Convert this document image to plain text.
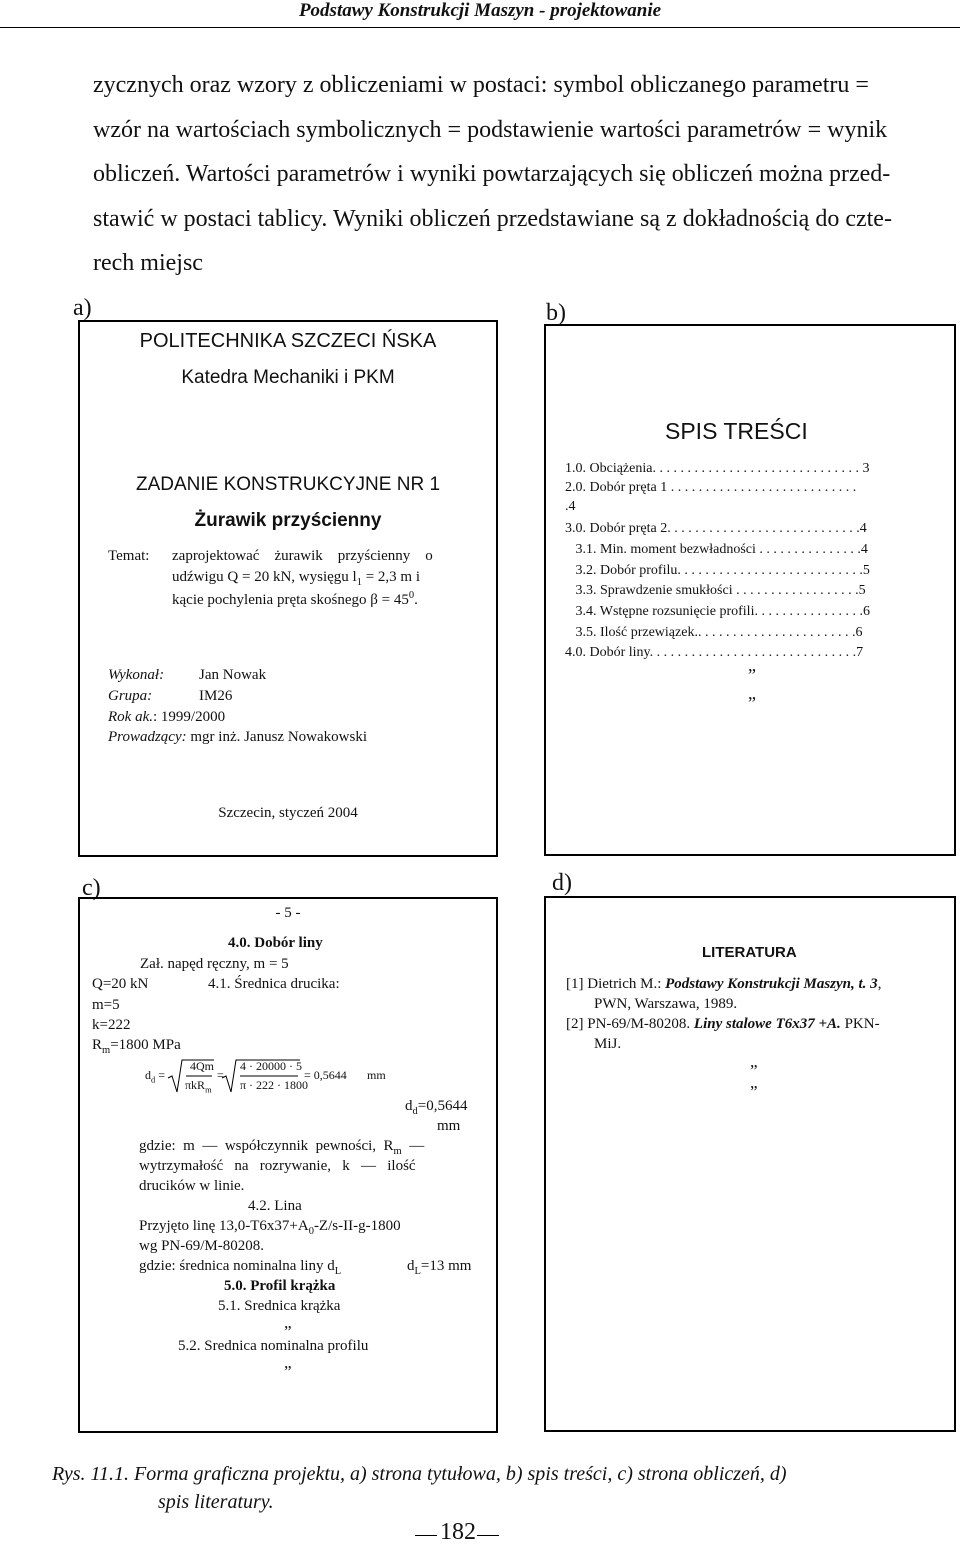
Podstawy Konstrukcji Maszyn - projektowanie
zycznych oraz wzory z obliczeniami w postaci: symbol obliczanego parametru =
wzór na wartościach symbolicznych = podstawienie wartości parametrów = wynik
obliczeń. Wartości parametrów i wyniki powtarzających się obliczeń można przed-
stawić w postaci tablicy. Wyniki obliczeń przedstawiane są z dokładnością do czte-
rech miejsc
a)
POLITECHNIKA SZCZECI ŃSKA
Katedra Mechaniki i PKM
ZADANIE KONSTRUKCYJNE NR 1
Żurawik przyścienny
Temat: zaprojektować    żurawik    przyścienny    o
udźwigu Q = 20 kN, wysięgu $l_1 = 2,3$ m i
kącie pochylenia pręta skośnego $\beta = 45^0$.
Wykonał: Jan Nowak
Grupa:	IM26
Rok ak.: 1999/2000
Prowadzący: mgr inż. Janusz Nowakowski
Szczecin, styczeń 2004
b)
SPIS TREŚCI
1.0. Obciążenia. . . . . . . . . . . . . . . . . . . . . . . . . . . . . . 3
2.0. Dobór pręta 1 . . . . . . . . . . . . . . . . . . . . . . . . . . .
.4
3.0. Dobór pręta 2. . . . . . . . . . . . . . . . . . . . . . . . . . . .4
3.1. Min. moment bezwładności . . . . . . . . . . . . . . .4
3.2. Dobór profilu. . . . . . . . . . . . . . . . . . . . . . . . . . .5
3.3. Sprawdzenie smukłości . . . . . . . . . . . . . . . . . .5
3.4. Wstępne rozsunięcie profili. . . . . . . . . . . . . . . .6
3.5. Ilość przewiązek.. . . . . . . . . . . . . . . . . . . . . . .6
4.0. Dobór liny. . . . . . . . . . . . . . . . . . . . . . . . . . . . . .7
„
„
c)
- 5 -
4.0. Dobór liny
Zał. napęd ręczny, m = 5
Q=20 kN	4.1. Średnica drucika:
m=5
k=222
$R_m=1800$ MPa
$d_d$ =
4Qm
πkR$_m$
=
4 · 20000 · 5
π · 222 · 1800
= 0,5644 mm
$d_d=0,5644$
mm
gdzie:  m  —  współczynnik  pewności,  $R_m$  —
wytrzymałość   na   rozrywanie,   k   —   ilość
drucików w linie.
4.2. Lina
Przyjęto linę $13,0-T6x37+A_0-Z/s-II-g-1800$
wg PN-69/M-80208.
gdzie: średnica nominalna liny $d_L$	$d_L=13$ mm
5.0. Profil krążka
5.1. Srednica krążka
„
5.2. Srednica nominalna profilu
„
d)
LITERATURA
[1] Dietrich M.: Podstawy Konstrukcji Maszyn, t. 3,
PWN, Warszawa, 1989.
[2] PN-69/M-80208. Liny stalowe T6x37 +A. PKN-
MiJ.
„
„
Rys. 11.1. Forma graficzna projektu, a) strona tytułowa, b) spis treści, c) strona obliczeń, d)
spis literatury.
182
